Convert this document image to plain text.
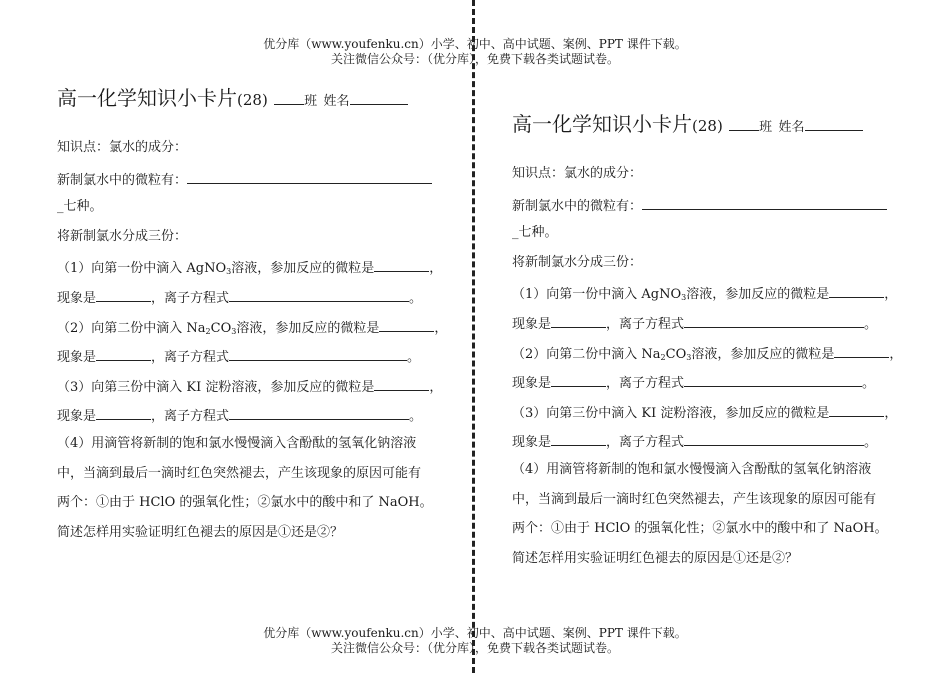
优分库（www.youfenku.cn）小学、初中、高中试题、案例、PPT 课件下载。
关注微信公众号：（优分库），免费下载各类试题试卷。
高一化学知识小卡片(28)	班 姓名
知识点：氯水的成分：
新制氯水中的微粒有：
_七种。
将新制氯水分成三份：
（1）向第一份中滴入 AgNO$_3$溶液，参加反应的微粒是	，
现象是	，离子方程式	。
（2）向第二份中滴入 $Na_2CO_3$溶液，参加反应的微粒是	，
现象是	，离子方程式	。
（3）向第三份中滴入 KI 淀粉溶液，参加反应的微粒是	，
现象是	，离子方程式	。
（4）用滴管将新制的饱和氯水慢慢滴入含酚酞的氢氧化钠溶液
中，当滴到最后一滴时红色突然褪去，产生该现象的原因可能有
两个：①由于 HClO 的强氧化性；②氯水中的酸中和了 NaOH。
简述怎样用实验证明红色褪去的原因是①还是②？
高一化学知识小卡片(28)	班 姓名
知识点：氯水的成分：
新制氯水中的微粒有：
_七种。
将新制氯水分成三份：
（1）向第一份中滴入 AgNO$_3$溶液，参加反应的微粒是	，
现象是	，离子方程式	。
（2）向第二份中滴入 $Na_2CO_3$溶液，参加反应的微粒是	，
现象是	，离子方程式	。
（3）向第三份中滴入 KI 淀粉溶液，参加反应的微粒是	，
现象是	，离子方程式	。
（4）用滴管将新制的饱和氯水慢慢滴入含酚酞的氢氧化钠溶液
中，当滴到最后一滴时红色突然褪去，产生该现象的原因可能有
两个：①由于 HClO 的强氧化性；②氯水中的酸中和了 NaOH。
简述怎样用实验证明红色褪去的原因是①还是②？
优分库（www.youfenku.cn）小学、初中、高中试题、案例、PPT 课件下载。
关注微信公众号：（优分库），免费下载各类试题试卷。
